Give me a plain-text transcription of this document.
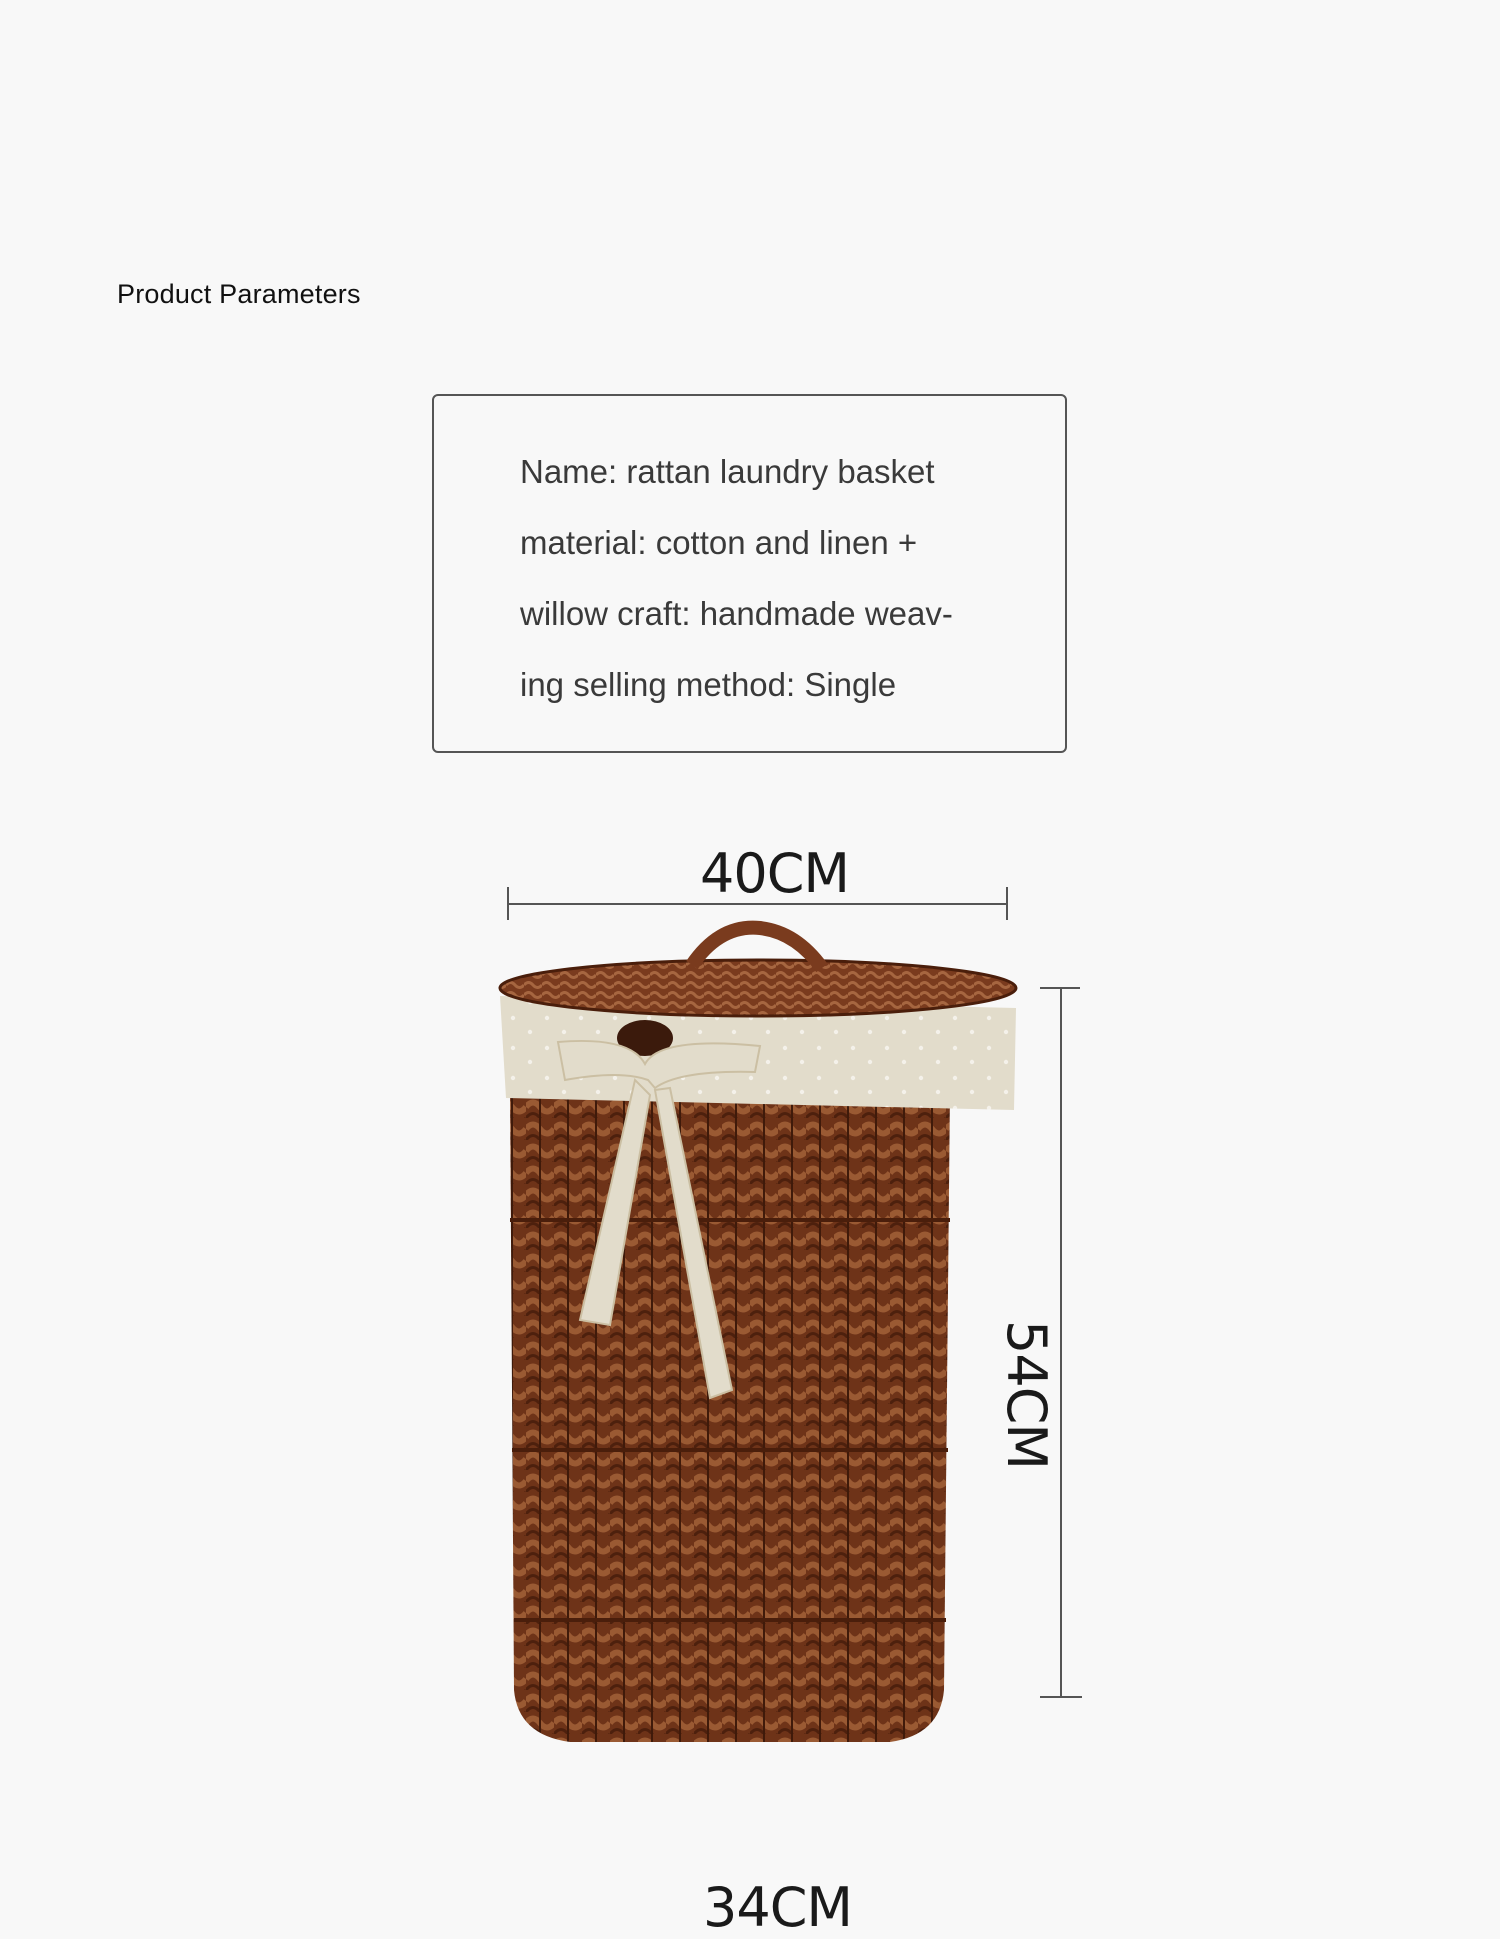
Product Parameters
Name: rattan laundry basket
material: cotton and linen +
willow craft: handmade weav-
ing selling method: Single
40CM
54CM
34CM
